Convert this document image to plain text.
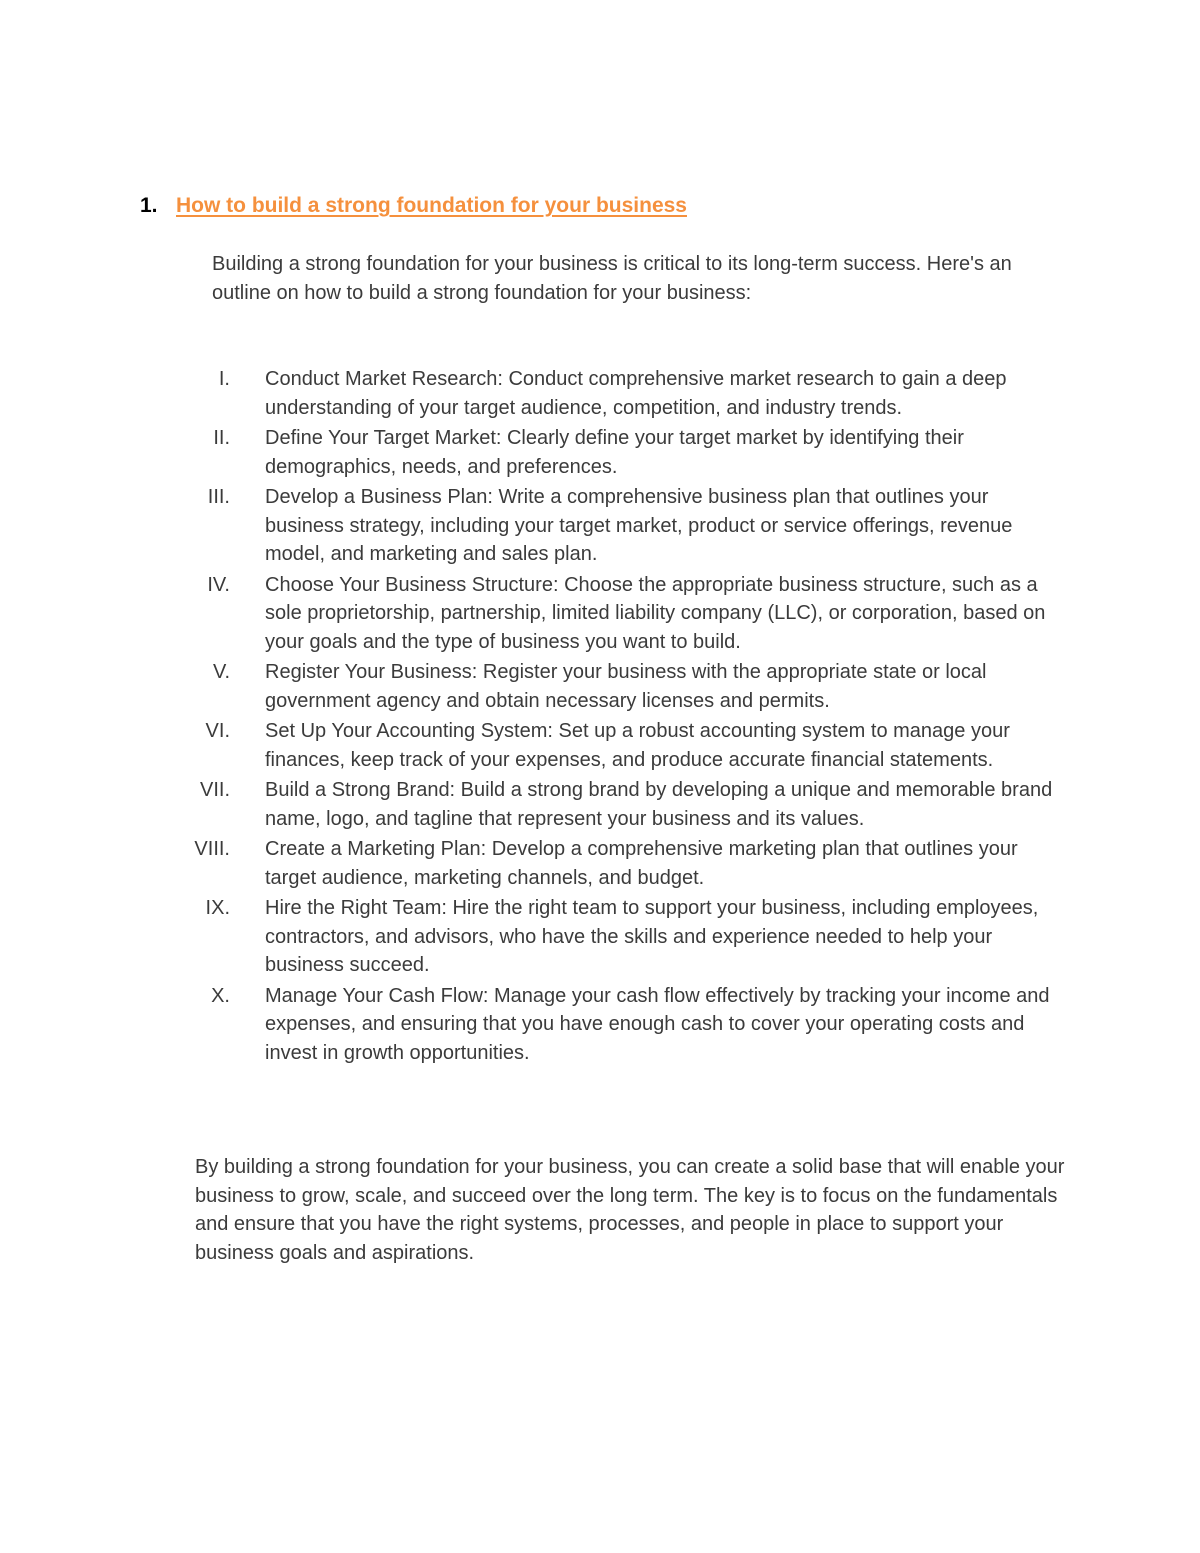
1. How to build a strong foundation for your business

Building a strong foundation for your business is critical to its long-term success. Here's an outline on how to build a strong foundation for your business:

I.	Conduct Market Research: Conduct comprehensive market research to gain a deep understanding of your target audience, competition, and industry trends.
II.	Define Your Target Market: Clearly define your target market by identifying their demographics, needs, and preferences.
III.	Develop a Business Plan: Write a comprehensive business plan that outlines your business strategy, including your target market, product or service offerings, revenue model, and marketing and sales plan.
IV.	Choose Your Business Structure: Choose the appropriate business structure, such as a sole proprietorship, partnership, limited liability company (LLC), or corporation, based on your goals and the type of business you want to build.
V.	Register Your Business: Register your business with the appropriate state or local government agency and obtain necessary licenses and permits.
VI.	Set Up Your Accounting System: Set up a robust accounting system to manage your finances, keep track of your expenses, and produce accurate financial statements.
VII.	Build a Strong Brand: Build a strong brand by developing a unique and memorable brand name, logo, and tagline that represent your business and its values.
VIII.	Create a Marketing Plan: Develop a comprehensive marketing plan that outlines your target audience, marketing channels, and budget.
IX.	Hire the Right Team: Hire the right team to support your business, including employees, contractors, and advisors, who have the skills and experience needed to help your business succeed.
X.	Manage Your Cash Flow: Manage your cash flow effectively by tracking your income and expenses, and ensuring that you have enough cash to cover your operating costs and invest in growth opportunities.

By building a strong foundation for your business, you can create a solid base that will enable your business to grow, scale, and succeed over the long term. The key is to focus on the fundamentals and ensure that you have the right systems, processes, and people in place to support your business goals and aspirations.
